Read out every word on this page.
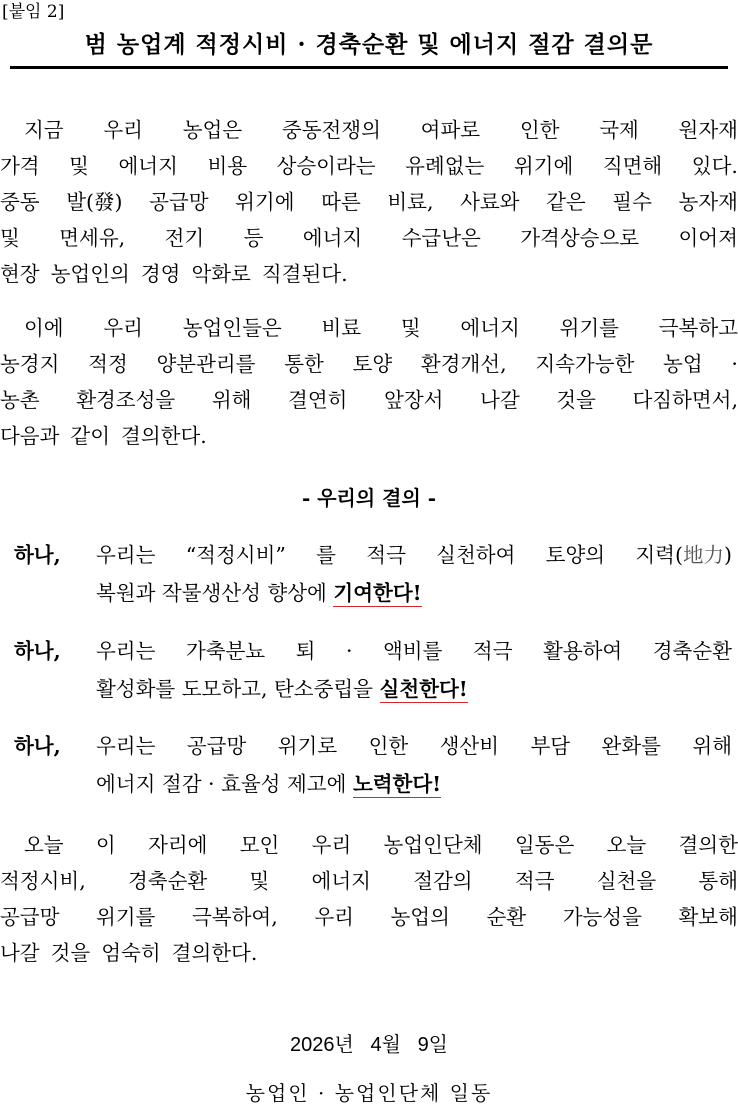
[붙임 2]
범 농업계 적정시비 · 경축순환 및 에너지 절감 결의문
지금 우리 농업은 중동전쟁의 여파로 인한 국제 원자재
가격 및 에너지 비용 상승이라는 유례없는 위기에 직면해 있다.
중동 발(發) 공급망 위기에 따른 비료, 사료와 같은 필수 농자재
및 면세유, 전기 등 에너지 수급난은 가격상승으로 이어져
현장 농업인의 경영 악화로 직결된다.
이에 우리 농업인들은 비료 및 에너지 위기를 극복하고
농경지 적정 양분관리를 통한 토양 환경개선, 지속가능한 농업 ·
농촌 환경조성을 위해 결연히 앞장서 나갈 것을 다짐하면서,
다음과 같이 결의한다.
- 우리의 결의 -
하나,	우리는 “적정시비” 를 적극 실천하여 토양의 지력(地力)
복원과 작물생산성 향상에 기여한다!
하나,	우리는 가축분뇨 퇴 · 액비를 적극 활용하여 경축순환
활성화를 도모하고, 탄소중립을 실천한다!
하나,	우리는 공급망 위기로 인한 생산비 부담 완화를 위해
에너지 절감 · 효율성 제고에 노력한다!
오늘 이 자리에 모인 우리 농업인단체 일동은 오늘 결의한
적정시비, 경축순환 및 에너지 절감의 적극 실천을 통해
공급망 위기를 극복하여, 우리 농업의 순환 가능성을 확보해
나갈 것을 엄숙히 결의한다.
2026년   4월   9일
농업인 · 농업인단체 일동
